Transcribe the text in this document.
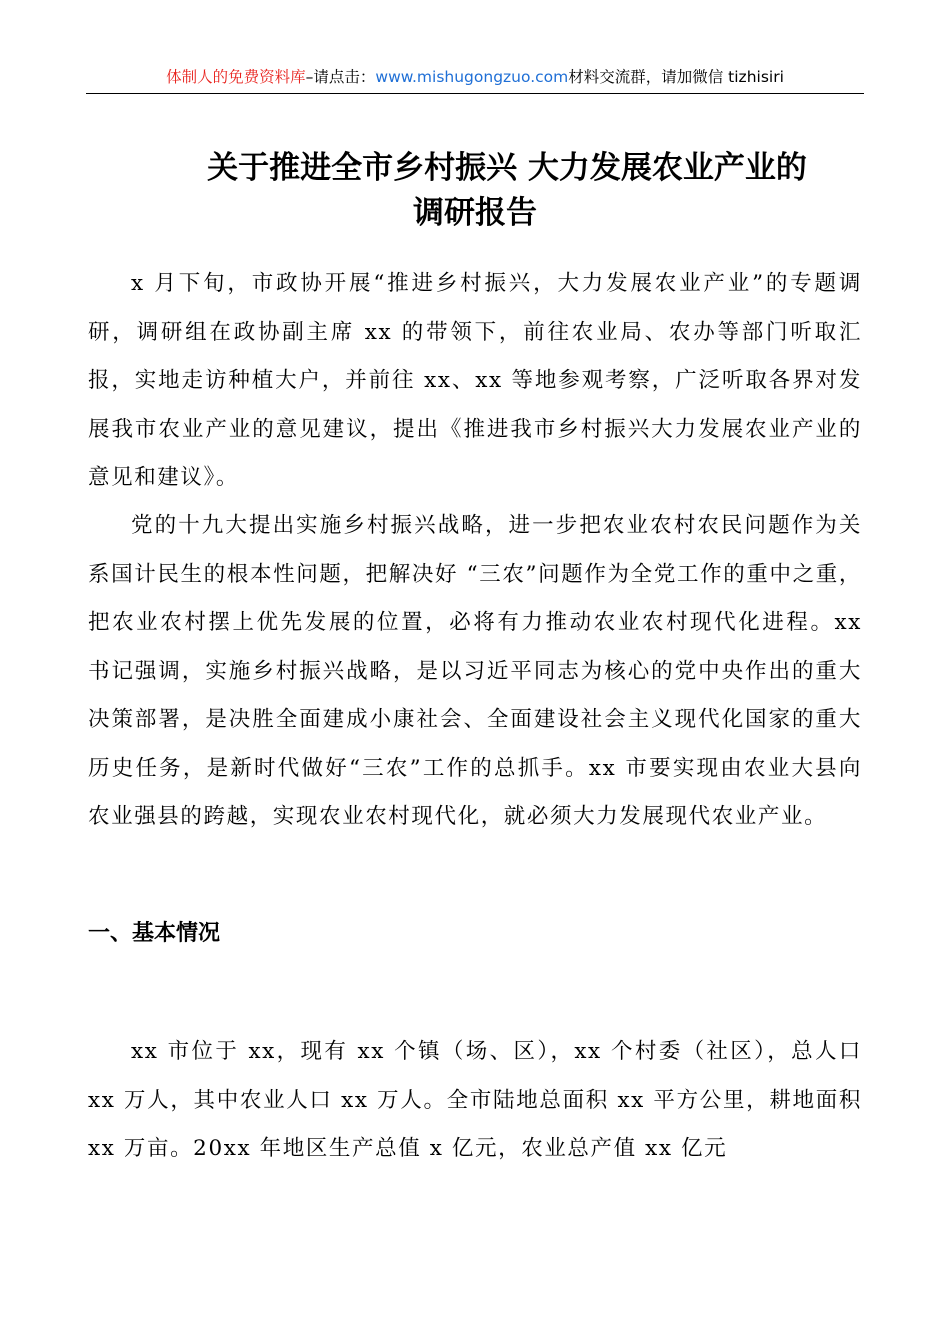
体制人的免费资料库–请点击：www.mishugongzuo.com材料交流群，请加微信 tizhisiri
关于推进全市乡村振兴 大力发展农业产业的
调研报告

x 月下旬，市政协开展“推进乡村振兴，大力发展农业产业”的专题调研，调研组在政协副主席 xx 的带领下，前往农业局、农办等部门听取汇报，实地走访种植大户，并前往 xx、xx 等地参观考察，广泛听取各界对发展我市农业产业的意见建议，提出《推进我市乡村振兴大力发展农业产业的意见和建议》。

党的十九大提出实施乡村振兴战略，进一步把农业农村农民问题作为关系国计民生的根本性问题，把解决好 “三农”问题作为全党工作的重中之重，把农业农村摆上优先发展的位置，必将有力推动农业农村现代化进程。xx 书记强调，实施乡村振兴战略，是以习近平同志为核心的党中央作出的重大决策部署，是决胜全面建成小康社会、全面建设社会主义现代化国家的重大历史任务，是新时代做好“三农”工作的总抓手。xx 市要实现由农业大县向农业强县的跨越，实现农业农村现代化，就必须大力发展现代农业产业。

一、基本情况

xx 市位于 xx，现有 xx 个镇（场、区），xx 个村委（社区），总人口 xx 万人，其中农业人口 xx 万人。全市陆地总面积 xx 平方公里，耕地面积 xx 万亩。20xx 年地区生产总值 x 亿元，农业总产值 xx 亿元
